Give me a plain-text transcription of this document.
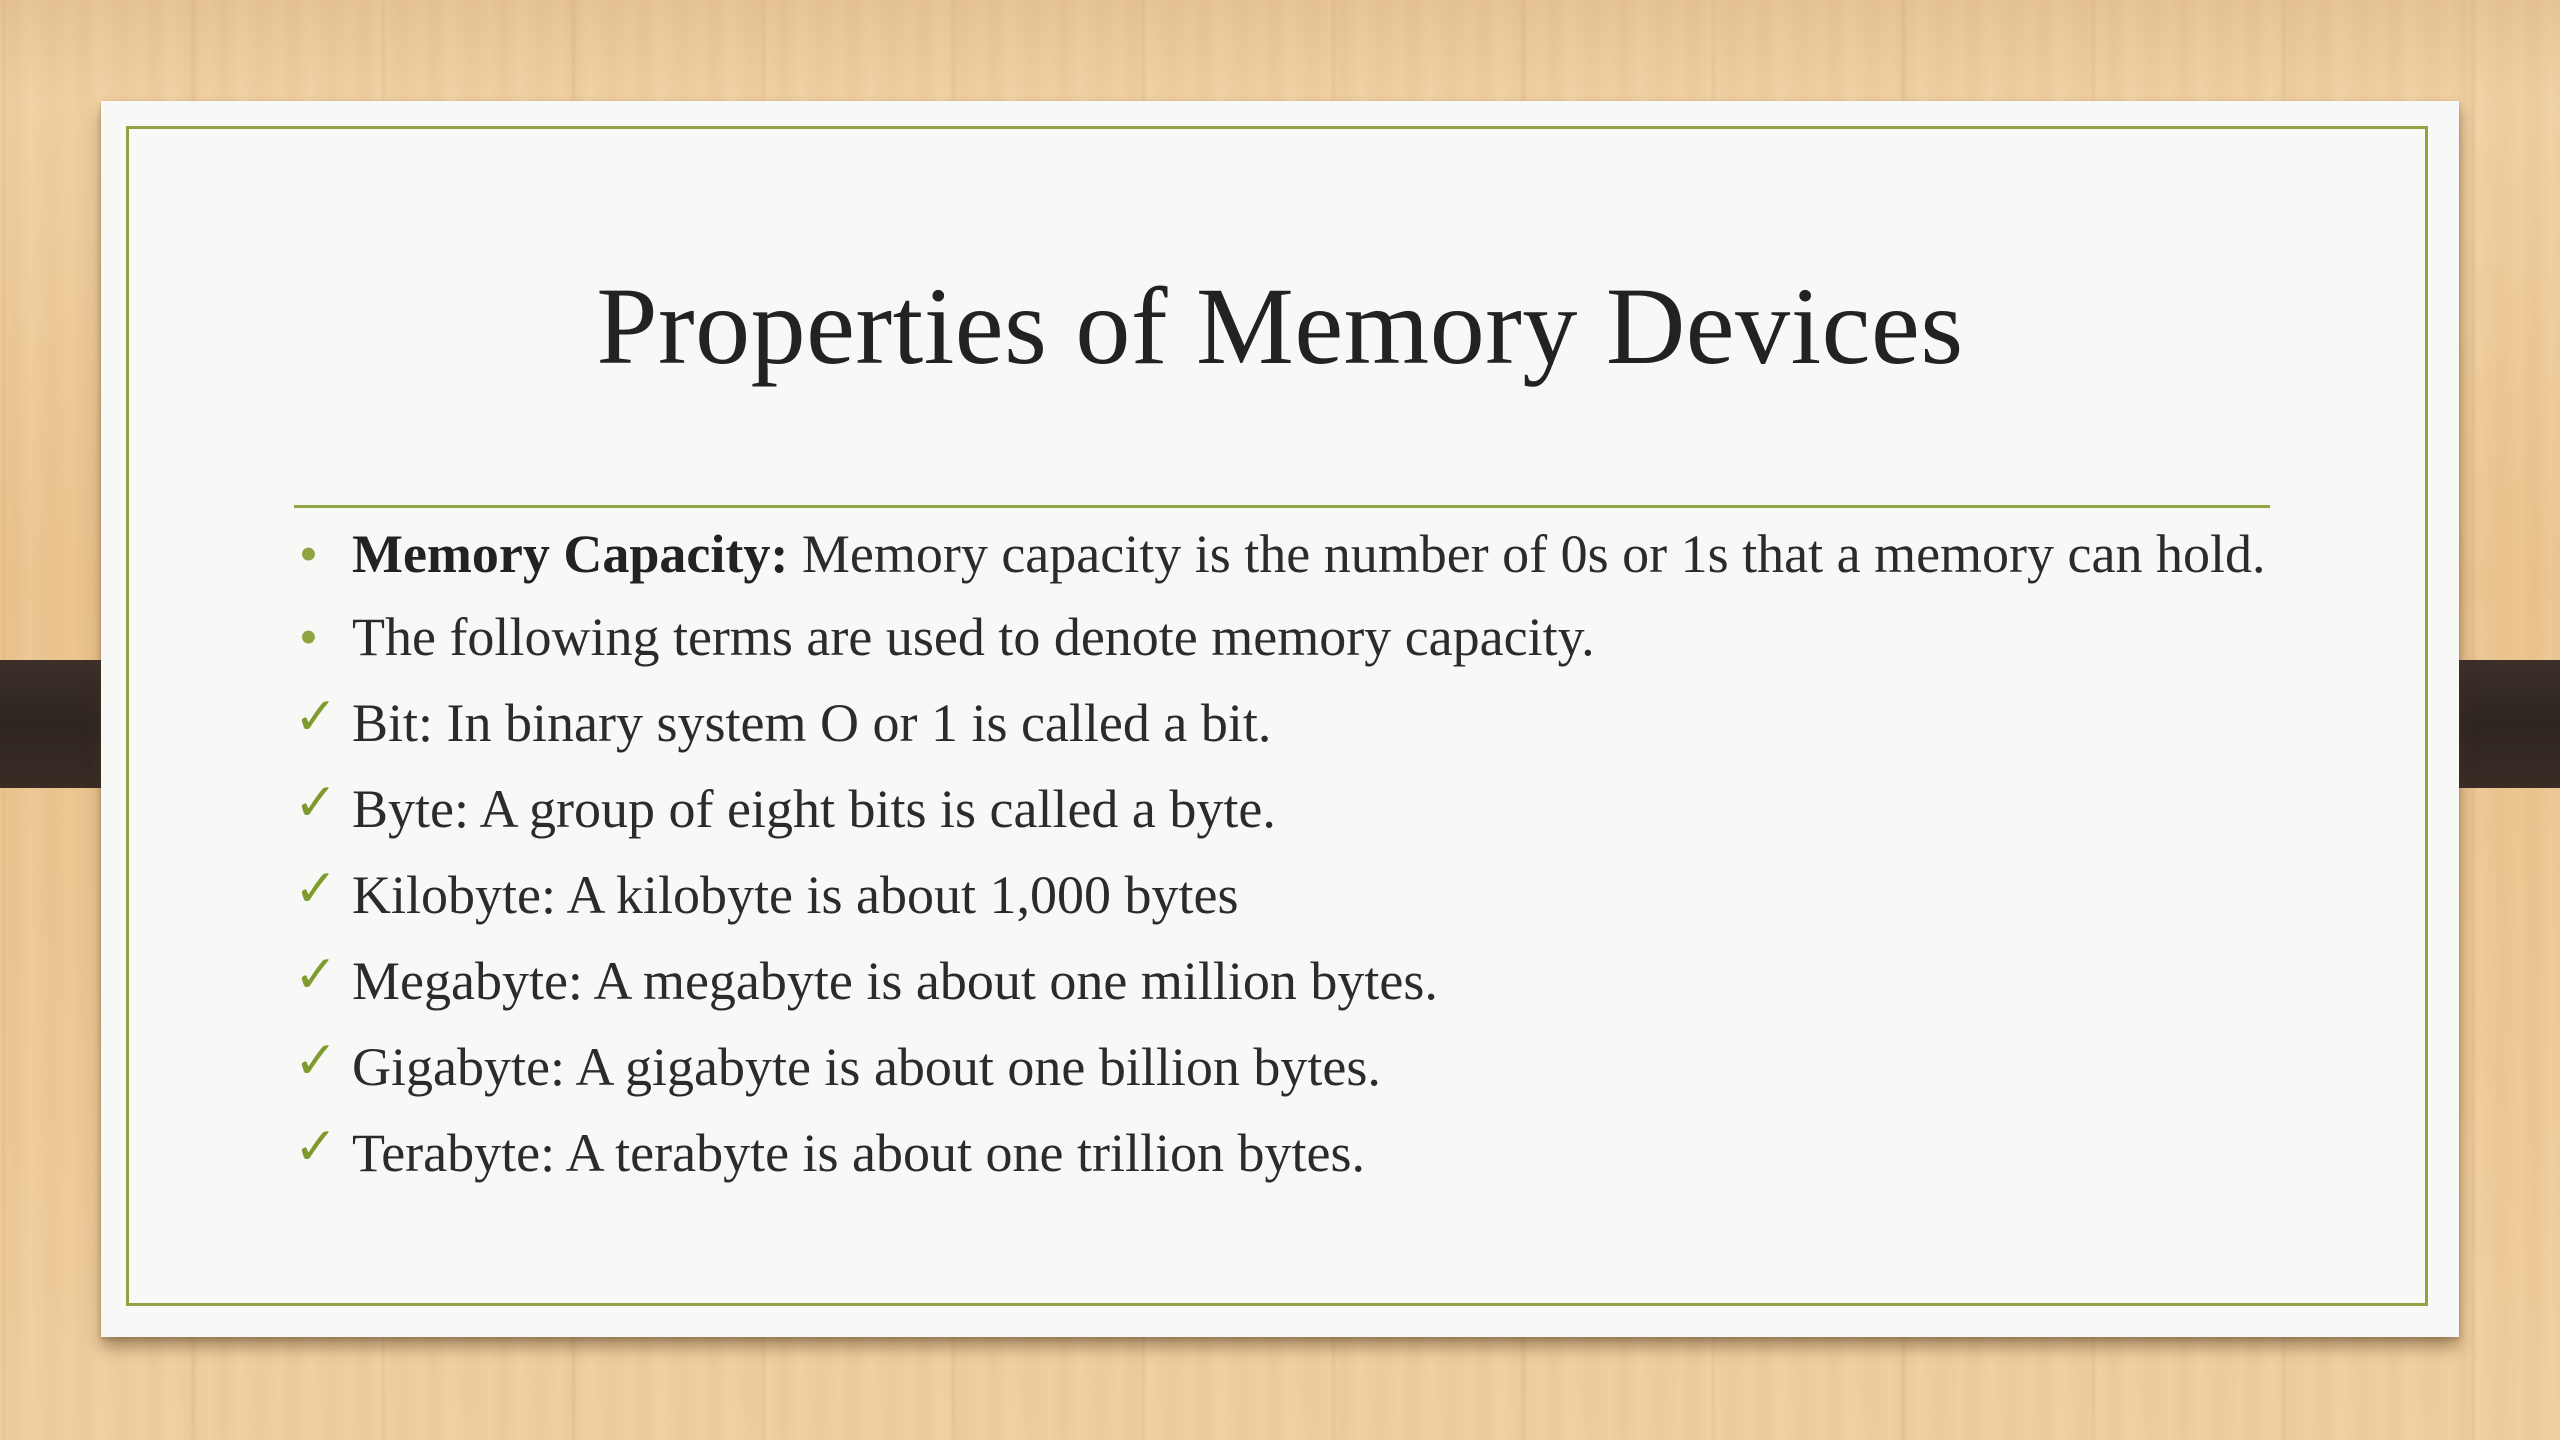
Properties of Memory Devices
• Memory Capacity: Memory capacity is the number of 0s or 1s that a memory can hold.
• The following terms are used to denote memory capacity.
✓ Bit: In binary system O or 1 is called a bit.
✓ Byte: A group of eight bits is called a byte.
✓ Kilobyte: A kilobyte is about 1,000 bytes
✓ Megabyte: A megabyte is about one million bytes.
✓ Gigabyte: A gigabyte is about one billion bytes.
✓ Terabyte: A terabyte is about one trillion bytes.
